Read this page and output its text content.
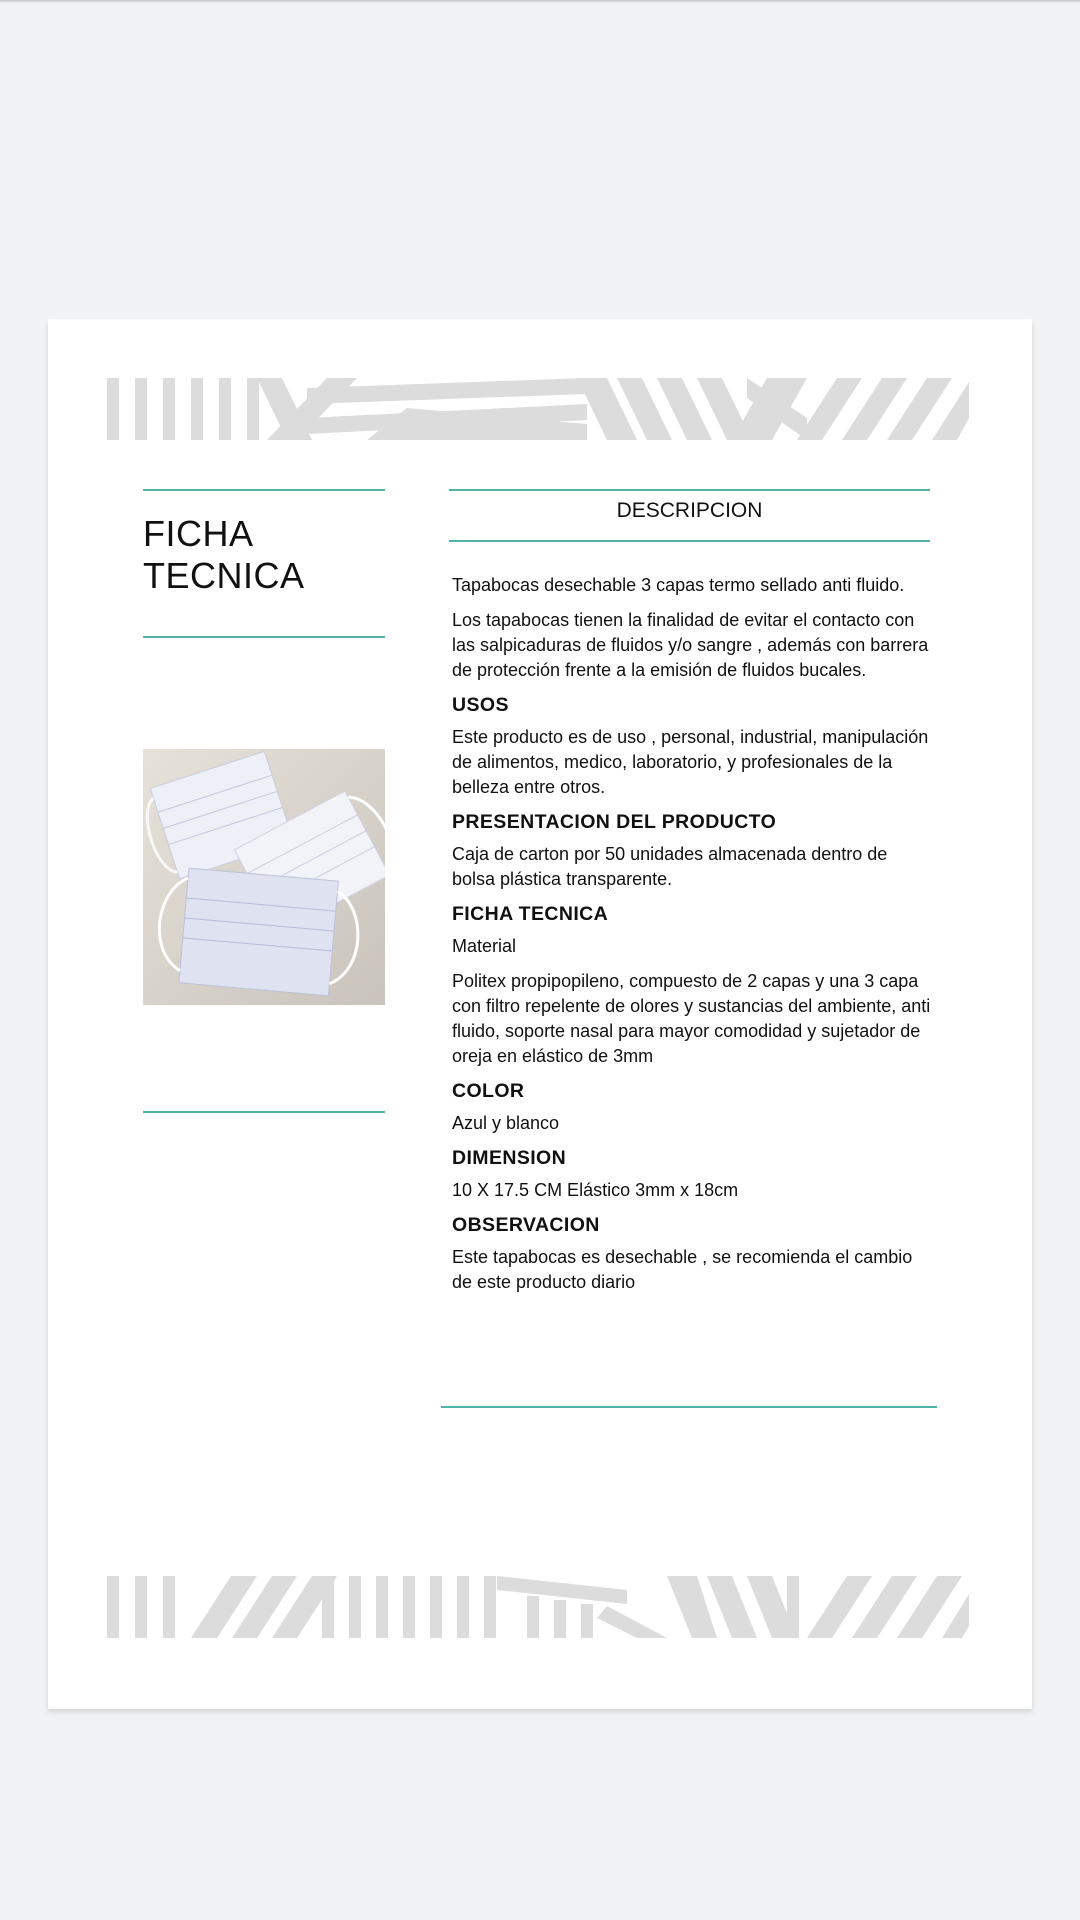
FICHA
TECNICA
DESCRIPCION

Tapabocas desechable 3 capas termo sellado anti fluido.

Los tapabocas tienen la finalidad de evitar el contacto con las salpicaduras de fluidos y/o sangre , además con barrera de protección frente a la emisión de fluidos bucales.

USOS

Este producto es de uso , personal, industrial, manipulación de alimentos, medico, laboratorio, y profesionales de la belleza entre otros.

PRESENTACION DEL PRODUCTO

Caja de carton por 50 unidades almacenada dentro de bolsa plástica transparente.

FICHA TECNICA

Material

Politex propipopileno, compuesto de 2 capas y una 3 capa con filtro repelente de olores y sustancias del ambiente, anti fluido, soporte nasal para mayor comodidad y sujetador de oreja en elástico de 3mm

COLOR

Azul y blanco

DIMENSION

10 X 17.5 CM Elástico 3mm x 18cm

OBSERVACION

Este tapabocas es desechable , se recomienda el cambio de este producto diario
